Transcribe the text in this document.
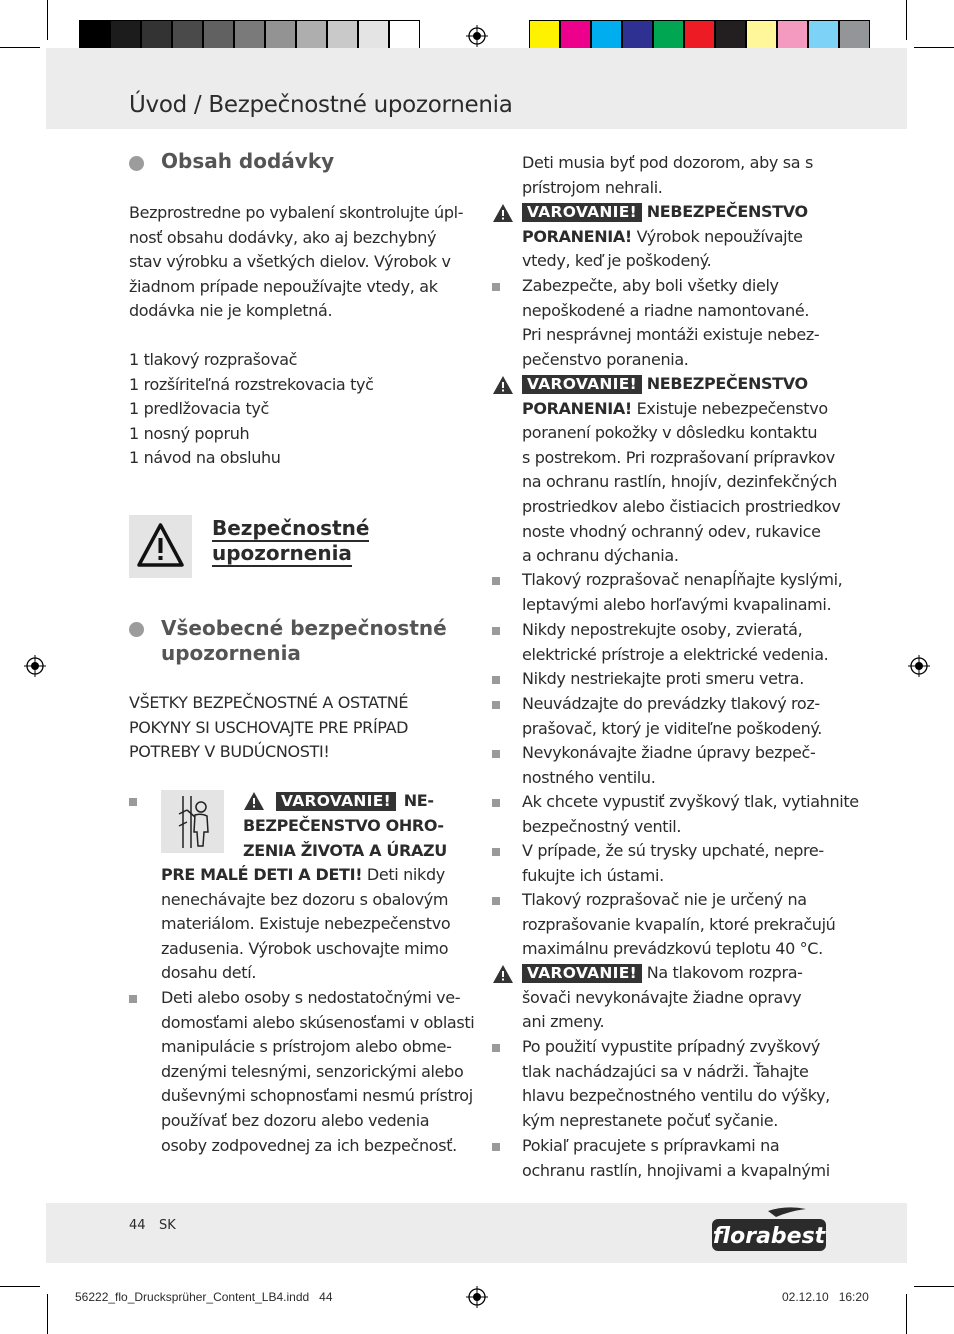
Úvod / Bezpečnostné upozornenia
Obsah dodávky
Bezprostredne po vybalení skontrolujte úpl-
nosť obsahu dodávky, ako aj bezchybný
stav výrobku a všetkých dielov. Výrobok v
žiadnom prípade nepoužívajte vtedy, ak
dodávka nie je kompletná.
1 tlakový rozprašovač
1 rozšíriteľná rozstrekovacia tyč
1 predlžovacia tyč
1 nosný popruh
1 návod na obsluhu
Bezpečnostné
upozornenia
Všeobecné bezpečnostné
upozornenia
VŠETKY BEZPEČNOSTNÉ A OSTATNÉ
POKYNY SI USCHOVAJTE PRE PRÍPAD
POTREBY V BUDÚCNOSTI!
VAROVANIE! NE-
BEZPEČENSTVO OHRO-
ZENIA ŽIVOTA A ÚRAZU
PRE MALÉ DETI A DETI! Deti nikdy
nenechávajte bez dozoru s obalovým
materiálom. Existuje nebezpečenstvo
zadusenia. Výrobok uschovajte mimo
dosahu detí.
Deti alebo osoby s nedostatočnými ve-
domosťami alebo skúsenosťami v oblasti
manipulácie s prístrojom alebo obme-
dzenými telesnými, senzorickými alebo
duševnými schopnosťami nesmú prístroj
používať bez dozoru alebo vedenia
osoby zodpovednej za ich bezpečnosť.
Deti musia byť pod dozorom, aby sa s
prístrojom nehrali.
VAROVANIE! NEBEZPEČENSTVO
PORANENIA! Výrobok nepoužívajte
vtedy, keď je poškodený.
Zabezpečte, aby boli všetky diely
nepoškodené a riadne namontované.
Pri nesprávnej montáži existuje nebez-
pečenstvo poranenia.
VAROVANIE! NEBEZPEČENSTVO
PORANENIA! Existuje nebezpečenstvo
poranení pokožky v dôsledku kontaktu
s postrekom. Pri rozprašovaní prípravkov
na ochranu rastlín, hnojív, dezinfekčných
prostriedkov alebo čistiacich prostriedkov
noste vhodný ochranný odev, rukavice
a ochranu dýchania.
Tlakový rozprašovač nenapĺňajte kyslými,
leptavými alebo horľavými kvapalinami.
Nikdy nepostrekujte osoby, zvieratá,
elektrické prístroje a elektrické vedenia.
Nikdy nestriekajte proti smeru vetra.
Neuvádzajte do prevádzky tlakový roz-
prašovač, ktorý je viditeľne poškodený.
Nevykonávajte žiadne úpravy bezpeč-
nostného ventilu.
Ak chcete vypustiť zvyškový tlak, vytiahnite
bezpečnostný ventil.
V prípade, že sú trysky upchaté, nepre-
fukujte ich ústami.
Tlakový rozprašovač nie je určený na
rozprašovanie kvapalín, ktoré prekračujú
maximálnu prevádzkovú teplotu 40 °C.
VAROVANIE! Na tlakovom rozpra-
šovači nevykonávajte žiadne opravy
ani zmeny.
Po použití vypustite prípadný zvyškový
tlak nachádzajúci sa v nádrži. Ťahajte
hlavu bezpečnostného ventilu do výšky,
kým neprestanete počuť syčanie.
Pokiaľ pracujete s prípravkami na
ochranu rastlín, hnojivami a kvapalnými
44 SK	florabest
56222_flo_Drucksprüher_Content_LB4.indd   44	02.12.10   16:20
